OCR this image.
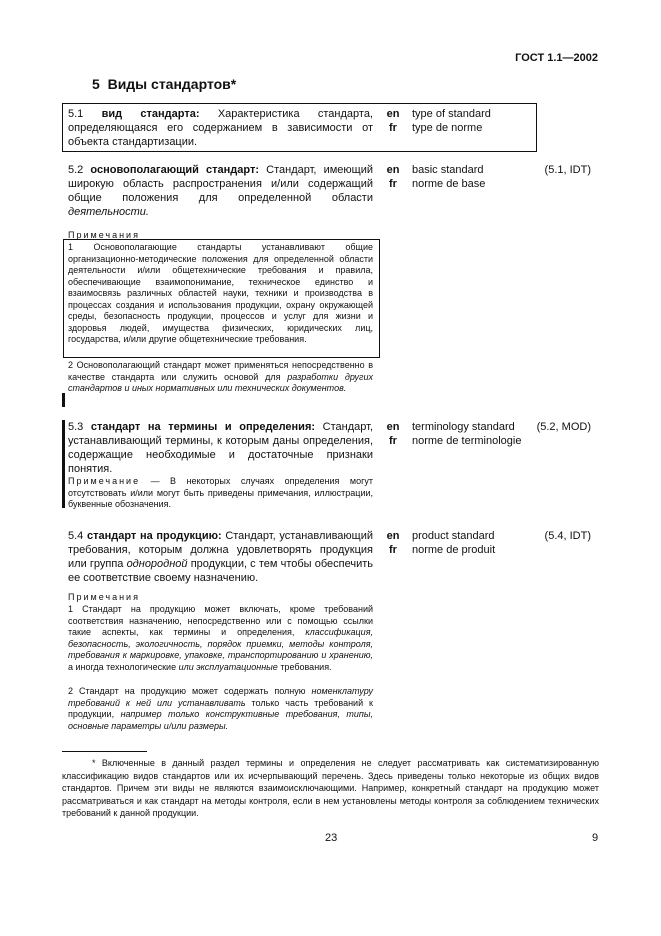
ГОСТ 1.1—2002
5 Виды стандартов*
5.1 вид стандарта: Характеристика стандарта, определяющаяся его содержанием в зависимости от объекта стандартизации.
en
fr
type of standard
type de norme
5.2 основополагающий стандарт: Стандарт, имеющий широкую область распространения и/или содержащий общие положения для определенной области деятельности.
en
fr
basic standard
norme de base
(5.1, IDT)
Примечания
1 Основополагающие стандарты устанавливают общие организационно-методические положения для определенной области деятельности и/или общетехнические требования и правила, обеспечивающие взаимопонимание, техническое единство и взаимосвязь различных областей науки, техники и производства в процессах создания и использования продукции, охрану окружающей среды, безопасность продукции, процессов и услуг для жизни и здоровья людей, имущества физических, юридических лиц, государства, и/или другие общетехнические требования.
2 Основополагающий стандарт может применяться непосредственно в качестве стандарта или служить основой для разработки других стандартов и иных нормативных или технических документов.
5.3 стандарт на термины и определения: Стандарт, устанавливающий термины, к которым даны определения, содержащие необходимые и достаточные признаки понятия.
Примечание — В некоторых случаях определения могут отсутствовать и/или могут быть приведены примечания, иллюстрации, буквенные обозначения.
en
fr
terminology standard
norme de terminologie
(5.2, MOD)
5.4 стандарт на продукцию: Стандарт, устанавливающий требования, которым должна удовлетворять продукция или группа однородной продукции, с тем чтобы обеспечить ее соответствие своему назначению.
en
fr
product standard
norme de produit
(5.4, IDT)
Примечания
1 Стандарт на продукцию может включать, кроме требований соответствия назначению, непосредственно или с помощью ссылки такие аспекты, как термины и определения, классификация, безопасность, экологичность, порядок приемки, методы контроля, требования к маркировке, упаковке, транспортированию и хранению, а иногда технологические или эксплуатационные требования.
2 Стандарт на продукцию может содержать полную номенклатуру требований к ней или устанавливать только часть требований к продукции, например только конструктивные требования, типы, основные параметры и/или размеры.
* Включенные в данный раздел термины и определения не следует рассматривать как систематизированную классификацию видов стандартов или их исчерпывающий перечень. Здесь приведены только некоторые из общих видов стандартов. Причем эти виды не являются взаимоисключающими. Например, конкретный стандарт на продукцию может рассматриваться и как стандарт на методы контроля, если в нем установлены методы контроля за соблюдением технических требований к данной продукции.
23	9
